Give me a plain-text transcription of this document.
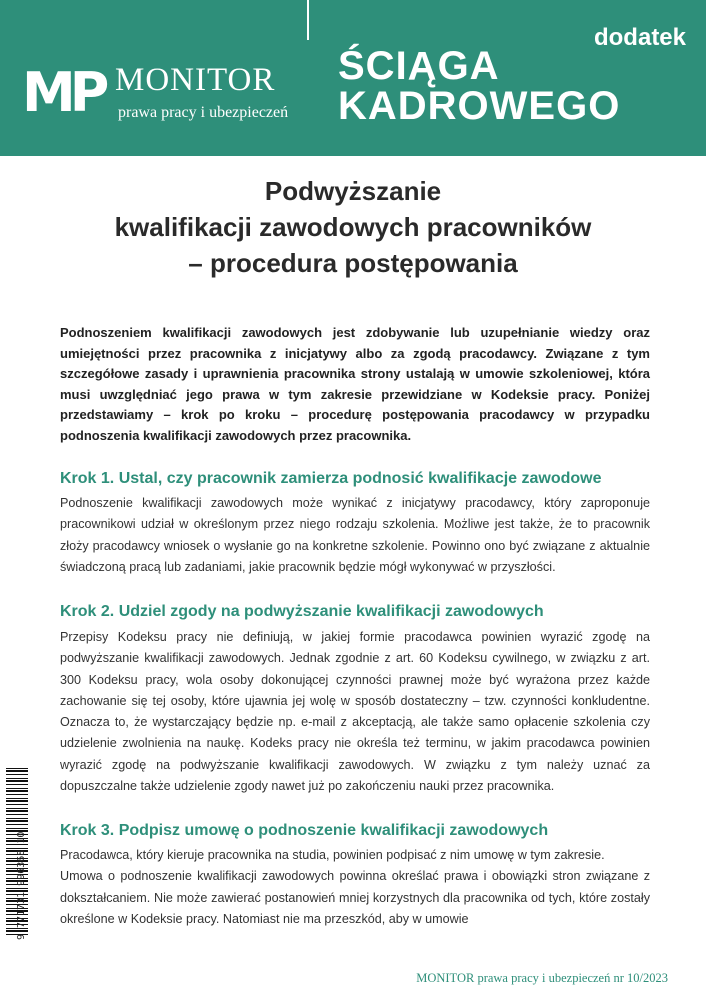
MP MONITOR
prawa pracy i ubezpieczeń
dodatek
ŚCIĄGA
KADROWEGO
Podwyższanie
kwalifikacji zawodowych pracowników
– procedura postępowania
Podnoszeniem kwalifikacji zawodowych jest zdobywanie lub uzupełnianie wiedzy oraz umiejętności przez pracownika z inicjatywy albo za zgodą pracodawcy. Związane z tym szczegółowe zasady i uprawnienia pracownika strony ustalają w umowie szkoleniowej, która musi uwzględniać jego prawa w tym zakresie przewidziane w Kodeksie pracy. Poniżej przedstawiamy – krok po kroku – procedurę postępowania pracodawcy w przypadku podnoszenia kwalifikacji zawodowych przez pracownika.
Krok 1. Ustal, czy pracownik zamierza podnosić kwalifikacje zawodowe

Podnoszenie kwalifikacji zawodowych może wynikać z inicjatywy pracodawcy, który zaproponuje pracownikowi udział w określonym przez niego rodzaju szkolenia. Możliwe jest także, że to pracownik złoży pracodawcy wniosek o wysłanie go na konkretne szkolenie. Powinno ono być związane z aktualnie świadczoną pracą lub zadaniami, jakie pracownik będzie mógł wykonywać w przyszłości.

Krok 2. Udziel zgody na podwyższanie kwalifikacji zawodowych

Przepisy Kodeksu pracy nie definiują, w jakiej formie pracodawca powinien wyrazić zgodę na podwyższanie kwalifikacji zawodowych. Jednak zgodnie z art. 60 Kodeksu cywilnego, w związku z art. 300 Kodeksu pracy, wola osoby dokonującej czynności prawnej może być wyrażona przez każde zachowanie się tej osoby, które ujawnia jej wolę w sposób dostateczny – tzw. czynności konkludentne. Oznacza to, że wystarczający będzie np. e-mail z akceptacją, ale także samo opłacenie szkolenia czy udzielenie zwolnienia na naukę. Kodeks pracy nie określa też terminu, w jakim pracodawca powinien wyrazić zgodę na podwyższanie kwalifikacji zawodowych. W związku z tym należy uznać za dopuszczalne także udzielenie zgody nawet już po zakończeniu nauki przez pracownika.

Krok 3. Podpisz umowę o podnoszenie kwalifikacji zawodowych

Pracodawca, który kieruje pracownika na studia, powinien podpisać z nim umowę w tym zakresie.

Umowa o podnoszenie kwalifikacji zawodowych powinna określać prawa i obowiązki stron związane z dokształcaniem. Nie może zawierać postanowień mniej korzystnych dla pracownika od tych, które zostały określone w Kodeksie pracy. Natomiast nie ma przeszkód, aby w umowie

9 771731 996368 10
MONITOR prawa pracy i ubezpieczeń nr 10/2023
